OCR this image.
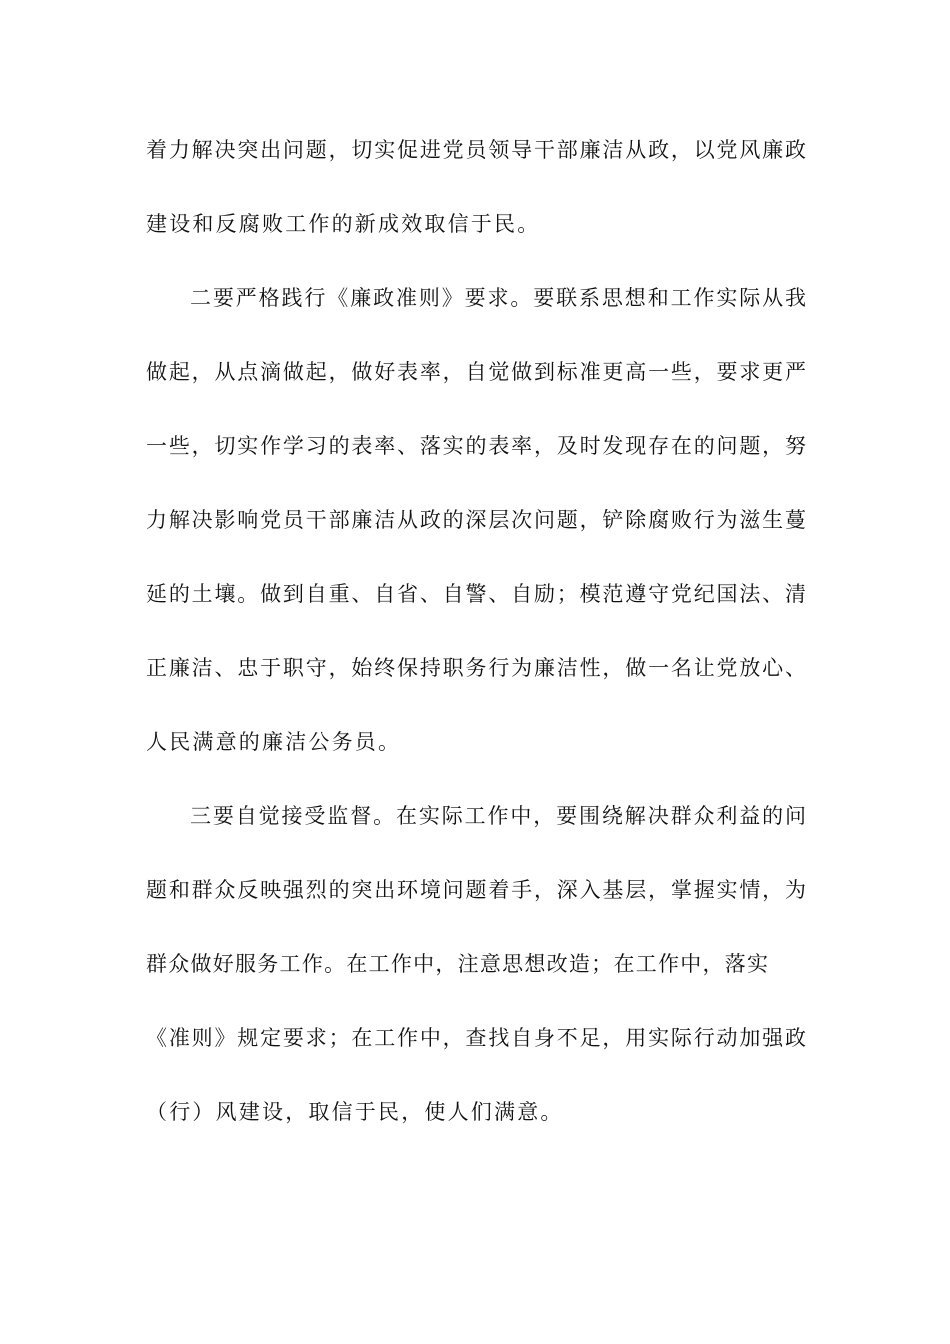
着力解决突出问题，切实促进党员领导干部廉洁从政，以党风廉政

建设和反腐败工作的新成效取信于民。

二要严格践行《廉政准则》要求。要联系思想和工作实际从我

做起，从点滴做起，做好表率，自觉做到标准更高一些，要求更严

一些，切实作学习的表率、落实的表率，及时发现存在的问题，努

力解决影响党员干部廉洁从政的深层次问题，铲除腐败行为滋生蔓

延的土壤。做到自重、自省、自警、自励；模范遵守党纪国法、清

正廉洁、忠于职守，始终保持职务行为廉洁性，做一名让党放心、

人民满意的廉洁公务员。

三要自觉接受监督。在实际工作中，要围绕解决群众利益的问

题和群众反映强烈的突出环境问题着手，深入基层，掌握实情，为

群众做好服务工作。在工作中，注意思想改造；在工作中，落实

《准则》规定要求；在工作中，查找自身不足，用实际行动加强政

（行）风建设，取信于民，使人们满意。
